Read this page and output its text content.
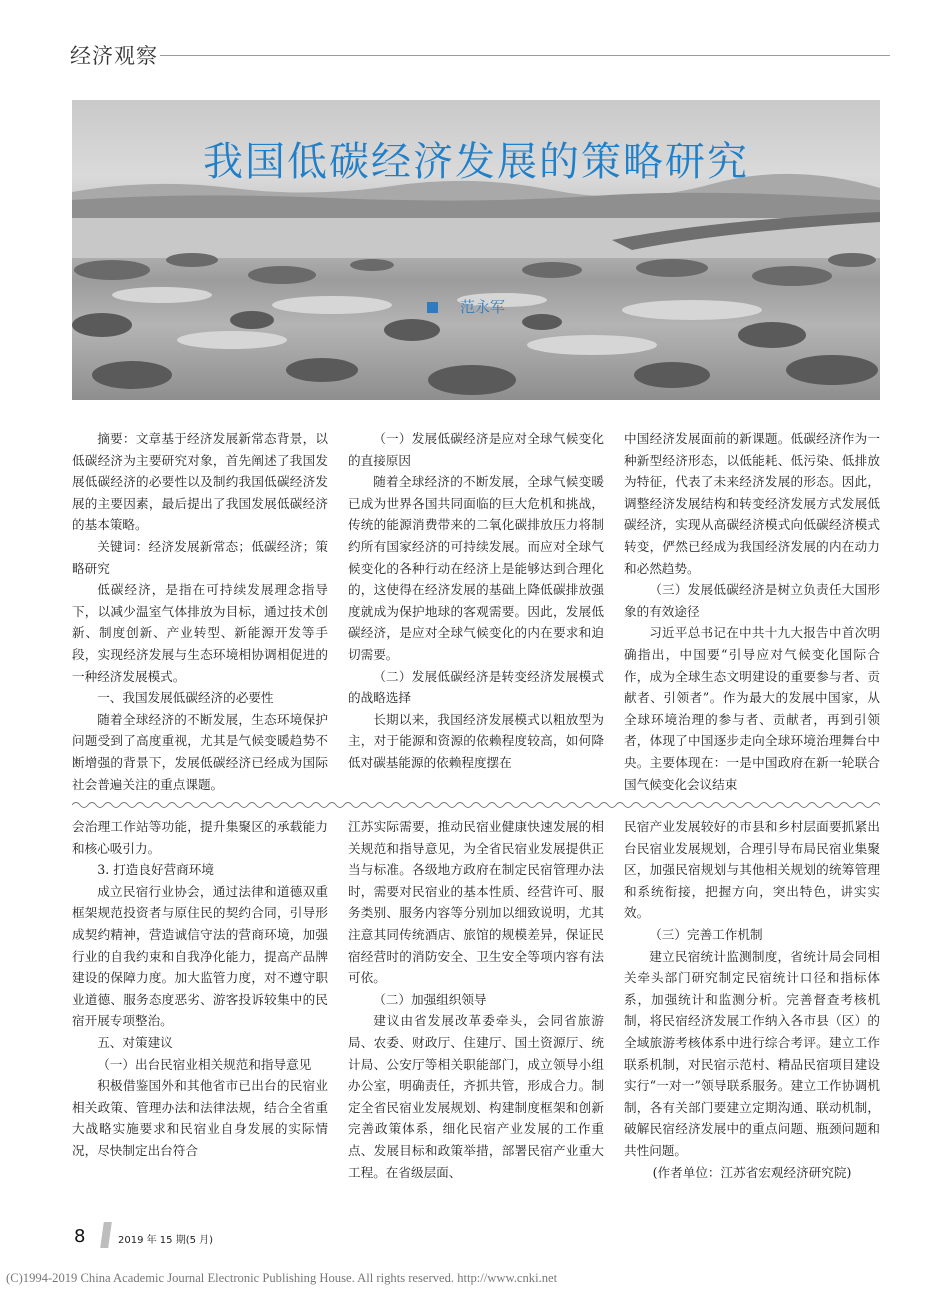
经济观察
我国低碳经济发展的策略研究
范永军

摘要：文章基于经济发展新常态背景，以低碳经济为主要研究对象，首先阐述了我国发展低碳经济的必要性以及制约我国低碳经济发展的主要因素，最后提出了我国发展低碳经济的基本策略。

关键词：经济发展新常态；低碳经济；策略研究

低碳经济，是指在可持续发展理念指导下，以减少温室气体排放为目标，通过技术创新、制度创新、产业转型、新能源开发等手段，实现经济发展与生态环境相协调相促进的一种经济发展模式。

一、我国发展低碳经济的必要性

随着全球经济的不断发展，生态环境保护问题受到了高度重视，尤其是气候变暖趋势不断增强的背景下，发展低碳经济已经成为国际社会普遍关注的重点课题。

（一）发展低碳经济是应对全球气候变化的直接原因

随着全球经济的不断发展，全球气候变暖已成为世界各国共同面临的巨大危机和挑战，传统的能源消费带来的二氧化碳排放压力将制约所有国家经济的可持续发展。而应对全球气候变化的各种行动在经济上是能够达到合理化的，这使得在经济发展的基础上降低碳排放强度就成为保护地球的客观需要。因此，发展低碳经济，是应对全球气候变化的内在要求和迫切需要。

（二）发展低碳经济是转变经济发展模式的战略选择

长期以来，我国经济发展模式以粗放型为主，对于能源和资源的依赖程度较高，如何降低对碳基能源的依赖程度摆在

中国经济发展面前的新课题。低碳经济作为一种新型经济形态，以低能耗、低污染、低排放为特征，代表了未来经济发展的形态。因此，调整经济发展结构和转变经济发展方式发展低碳经济，实现从高碳经济模式向低碳经济模式转变，俨然已经成为我国经济发展的内在动力和必然趋势。

（三）发展低碳经济是树立负责任大国形象的有效途径

习近平总书记在中共十九大报告中首次明确指出，中国要“引导应对气候变化国际合作，成为全球生态文明建设的重要参与者、贡献者、引领者”。作为最大的发展中国家，从全球环境治理的参与者、贡献者，再到引领者，体现了中国逐步走向全球环境治理舞台中央。主要体现在：一是中国政府在新一轮联合国气候变化会议结束

会治理工作站等功能，提升集聚区的承载能力和核心吸引力。

3. 打造良好营商环境

成立民宿行业协会，通过法律和道德双重框架规范投资者与原住民的契约合同，引导形成契约精神，营造诚信守法的营商环境，加强行业的自我约束和自我净化能力，提高产品牌建设的保障力度。加大监管力度，对不遵守职业道德、服务态度恶劣、游客投诉较集中的民宿开展专项整治。

五、对策建议

（一）出台民宿业相关规范和指导意见

积极借鉴国外和其他省市已出台的民宿业相关政策、管理办法和法律法规，结合全省重大战略实施要求和民宿业自身发展的实际情况，尽快制定出台符合

江苏实际需要，推动民宿业健康快速发展的相关规范和指导意见，为全省民宿业发展提供正当与标准。各级地方政府在制定民宿管理办法时，需要对民宿业的基本性质、经营许可、服务类别、服务内容等分别加以细致说明，尤其注意其同传统酒店、旅馆的规模差异，保证民宿经营时的消防安全、卫生安全等项内容有法可依。

（二）加强组织领导

建议由省发展改革委牵头，会同省旅游局、农委、财政厅、住建厅、国土资源厅、统计局、公安厅等相关职能部门，成立领导小组办公室，明确责任，齐抓共管，形成合力。制定全省民宿业发展规划、构建制度框架和创新完善政策体系，细化民宿产业发展的工作重点、发展目标和政策举措，部署民宿产业重大工程。在省级层面、

民宿产业发展较好的市县和乡村层面要抓紧出台民宿业发展规划，合理引导布局民宿业集聚区，加强民宿规划与其他相关规划的统筹管理和系统衔接，把握方向，突出特色，讲实实效。

（三）完善工作机制

建立民宿统计监测制度，省统计局会同相关牵头部门研究制定民宿统计口径和指标体系，加强统计和监测分析。完善督查考核机制，将民宿经济发展工作纳入各市县（区）的全域旅游考核体系中进行综合考评。建立工作联系机制，对民宿示范村、精品民宿项目建设实行“一对一”领导联系服务。建立工作协调机制，各有关部门要建立定期沟通、联动机制，破解民宿经济发展中的重点问题、瓶颈问题和共性问题。

(作者单位：江苏省宏观经济研究院)

8	2019 年 15 期(5 月)
(C)1994-2019 China Academic Journal Electronic Publishing House. All rights reserved. http://www.cnki.net
